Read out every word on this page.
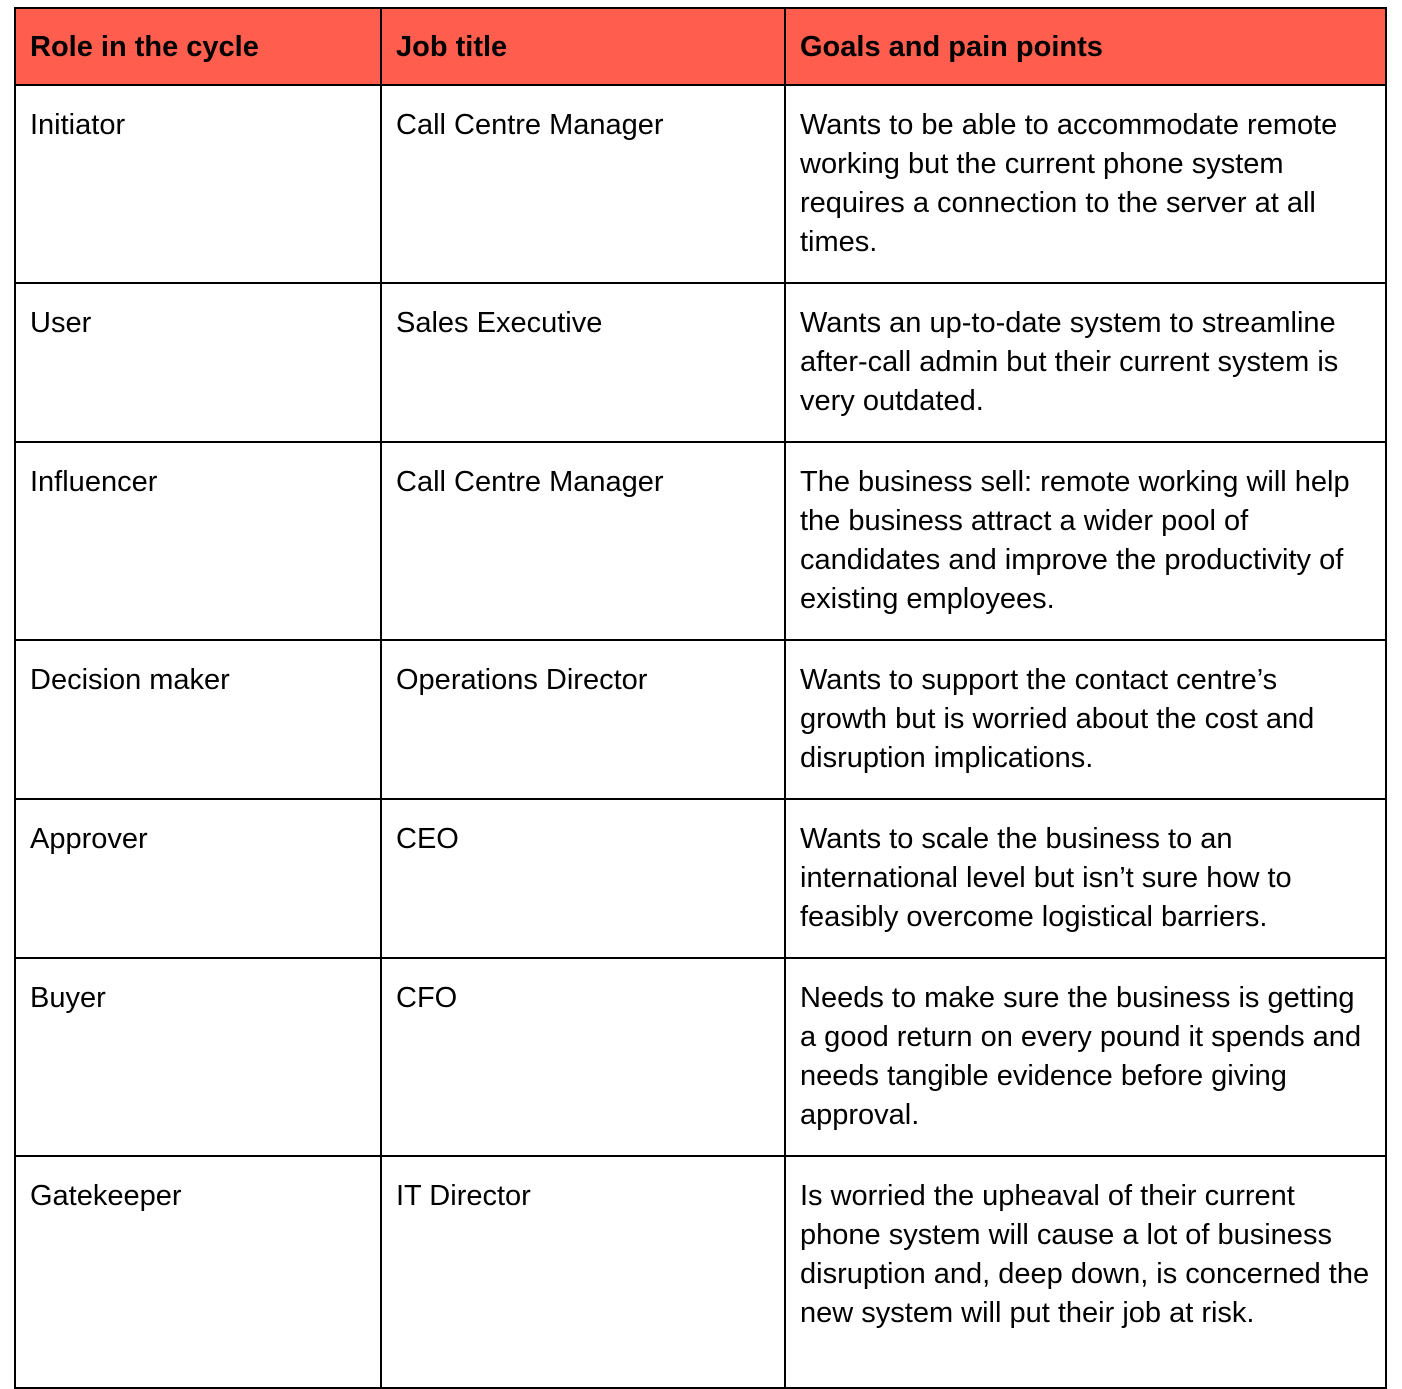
Role in the cycle	Job title	Goals and pain points
Initiator	Call Centre Manager	Wants to be able to accommodate remote working but the current phone system requires a connection to the server at all times.
User	Sales Executive	Wants an up-to-date system to streamline after-call admin but their current system is very outdated.
Influencer	Call Centre Manager	The business sell: remote working will help the business attract a wider pool of candidates and improve the productivity of existing employees.
Decision maker	Operations Director	Wants to support the contact centre’s growth but is worried about the cost and disruption implications.
Approver	CEO	Wants to scale the business to an international level but isn’t sure how to feasibly overcome logistical barriers.
Buyer	CFO	Needs to make sure the business is getting a good return on every pound it spends and needs tangible evidence before giving approval.
Gatekeeper	IT Director	Is worried the upheaval of their current phone system will cause a lot of business disruption and, deep down, is concerned the new system will put their job at risk.
